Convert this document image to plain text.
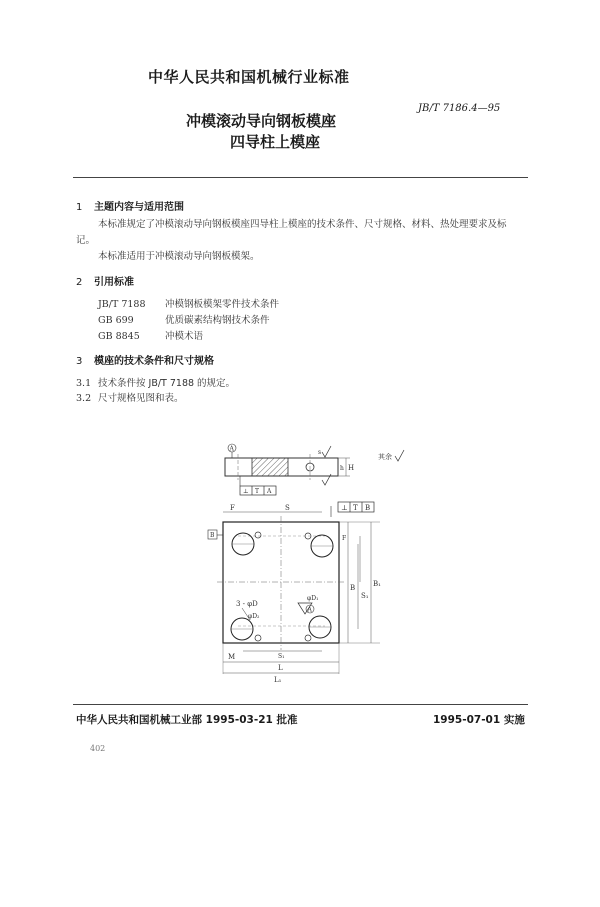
中华人民共和国机械行业标准
JB/T 7186.4—95
冲模滚动导向钢板模座
四导柱上模座
1 主题内容与适用范围
本标准规定了冲模滚动导向钢板模座四导柱上模座的技术条件、尺寸规格、材料、热处理要求及标
记。
本标准适用于冲模滚动导向钢板模架。
2 引用标准
JB/T 7188 冲模钢板模架零件技术条件
GB 699	优质碳素结构钢技术条件
GB 8845	冲模术语
3 模座的技术条件和尺寸规格
3.1 技术条件按 JB/T 7188 的规定。
3.2 尺寸规格见图和表。
H
h
s
A
其余
⊥ T A
⊥ T B
B
F	S
F
B
S₁
B₁
3 - φD
φD₂
φD₁
A
S₁
M
L
L₁
中华人民共和国机械工业部 1995-03-21 批准	1995-07-01 实施
402
